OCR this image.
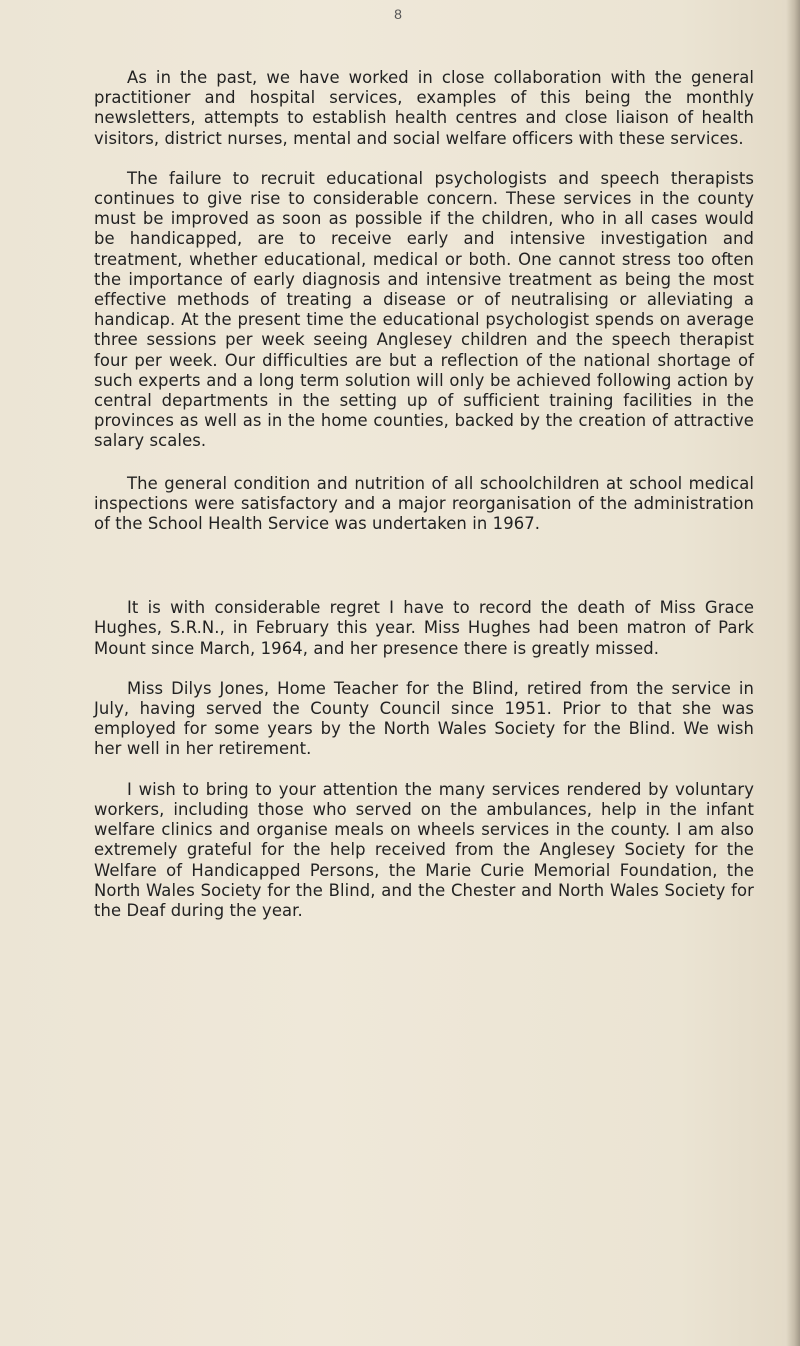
8

As in the past, we have worked in close collaboration with the general practitioner and hospital services, examples of this being the monthly newsletters, attempts to establish health centres and close liaison of health visitors, district nurses, mental and social welfare officers with these services.

The failure to recruit educational psychologists and speech therapists continues to give rise to considerable concern. These services in the county must be improved as soon as possible if the children, who in all cases would be handicapped, are to receive early and intensive investigation and treatment, whether educational, medical or both. One cannot stress too often the importance of early diagnosis and intensive treatment as being the most effective methods of treating a disease or of neutralising or alleviating a handicap. At the present time the educational psychologist spends on average three sessions per week seeing Anglesey children and the speech therapist four per week. Our difficulties are but a reflection of the national shortage of such experts and a long term solution will only be achieved following action by central departments in the setting up of sufficient training facilities in the provinces as well as in the home counties, backed by the creation of attractive salary scales.

The general condition and nutrition of all schoolchildren at school medical inspections were satisfactory and a major reorganisation of the administration of the School Health Service was undertaken in 1967.

It is with considerable regret I have to record the death of Miss Grace Hughes, S.R.N., in February this year. Miss Hughes had been matron of Park Mount since March, 1964, and her presence there is greatly missed.

Miss Dilys Jones, Home Teacher for the Blind, retired from the service in July, having served the County Council since 1951. Prior to that she was employed for some years by the North Wales Society for the Blind. We wish her well in her retirement.

I wish to bring to your attention the many services rendered by voluntary workers, including those who served on the ambulances, help in the infant welfare clinics and organise meals on wheels services in the county. I am also extremely grateful for the help received from the Anglesey Society for the Welfare of Handicapped Persons, the Marie Curie Memorial Foundation, the North Wales Society for the Blind, and the Chester and North Wales Society for the Deaf during the year.
